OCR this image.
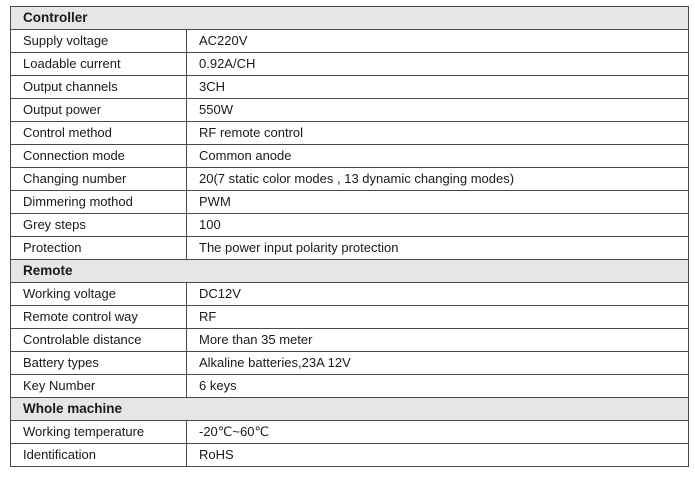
Controller	
Supply voltage	AC220V
Loadable current	0.92A/CH
Output channels	3CH
Output power	550W
Control method	RF remote control
Connection mode	Common anode
Changing number	20(7 static color modes , 13 dynamic changing modes)
Dimmering mothod	PWM
Grey steps	100
Protection	The power input polarity protection
Remote	
Working voltage	DC12V
Remote control way	RF
Controlable distance	More than 35 meter
Battery types	Alkaline batteries,23A 12V
Key Number	6 keys
Whole machine	
Working temperature	-20℃~60℃
Identification	RoHS
